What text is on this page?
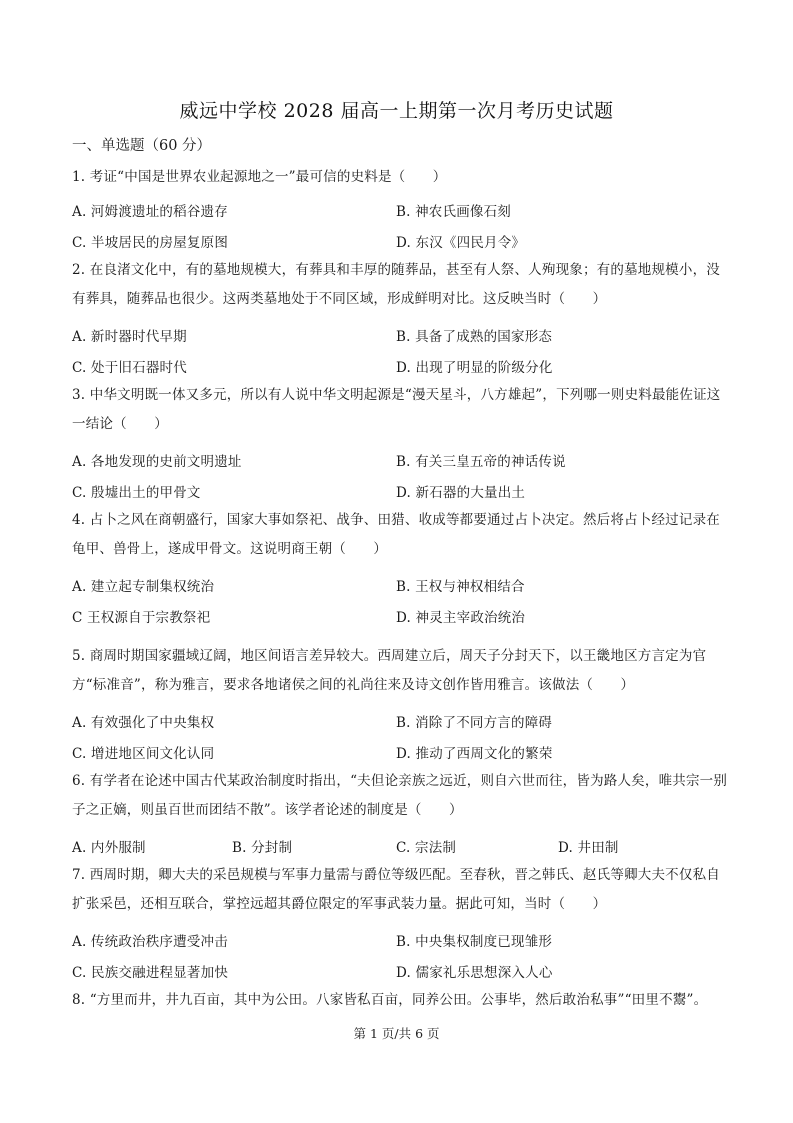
威远中学校 2028 届高一上期第一次月考历史试题
一、单选题（60 分）
1. 考证“中国是世界农业起源地之一”最可信的史料是（　　）
A. 河姆渡遗址的稻谷遗存	B. 神农氏画像石刻
C. 半坡居民的房屋复原图	D. 东汉《四民月令》
2. 在良渚文化中，有的墓地规模大，有葬具和丰厚的随葬品，甚至有人祭、人殉现象；有的墓地规模小，没有葬具，随葬品也很少。这两类墓地处于不同区域，形成鲜明对比。这反映当时（　　）
A. 新时器时代早期	B. 具备了成熟的国家形态
C. 处于旧石器时代	D. 出现了明显的阶级分化
3. 中华文明既一体又多元，所以有人说中华文明起源是“漫天星斗，八方雄起”，下列哪一则史料最能佐证这一结论（　　）
A. 各地发现的史前文明遗址	B. 有关三皇五帝的神话传说
C. 殷墟出土的甲骨文	D. 新石器的大量出土
4. 占卜之风在商朝盛行，国家大事如祭祀、战争、田猎、收成等都要通过占卜决定。然后将占卜经过记录在龟甲、兽骨上，遂成甲骨文。这说明商王朝（　　）
A. 建立起专制集权统治	B. 王权与神权相结合
C 王权源自于宗教祭祀	D. 神灵主宰政治统治
5. 商周时期国家疆域辽阔，地区间语言差异较大。西周建立后，周天子分封天下，以王畿地区方言定为官方“标准音”，称为雅言，要求各地诸侯之间的礼尚往来及诗文创作皆用雅言。该做法（　　）
A. 有效强化了中央集权	B. 消除了不同方言的障碍
C. 增进地区间文化认同	D. 推动了西周文化的繁荣
6. 有学者在论述中国古代某政治制度时指出，“夫但论亲族之远近，则自六世而往，皆为路人矣，唯共宗一别子之正嫡，则虽百世而团结不散”。该学者论述的制度是（　　）
A. 内外服制	B. 分封制	C. 宗法制	D. 井田制
7. 西周时期，卿大夫的采邑规模与军事力量需与爵位等级匹配。至春秋，晋之韩氏、赵氏等卿大夫不仅私自扩张采邑，还相互联合，掌控远超其爵位限定的军事武装力量。据此可知，当时（　　）
A. 传统政治秩序遭受冲击	B. 中央集权制度已现雏形
C. 民族交融进程显著加快	D. 儒家礼乐思想深入人心
8. “方里而井，井九百亩，其中为公田。八家皆私百亩，同养公田。公事毕，然后敢治私事”“田里不鬻”。
第 1 页/共 6 页
